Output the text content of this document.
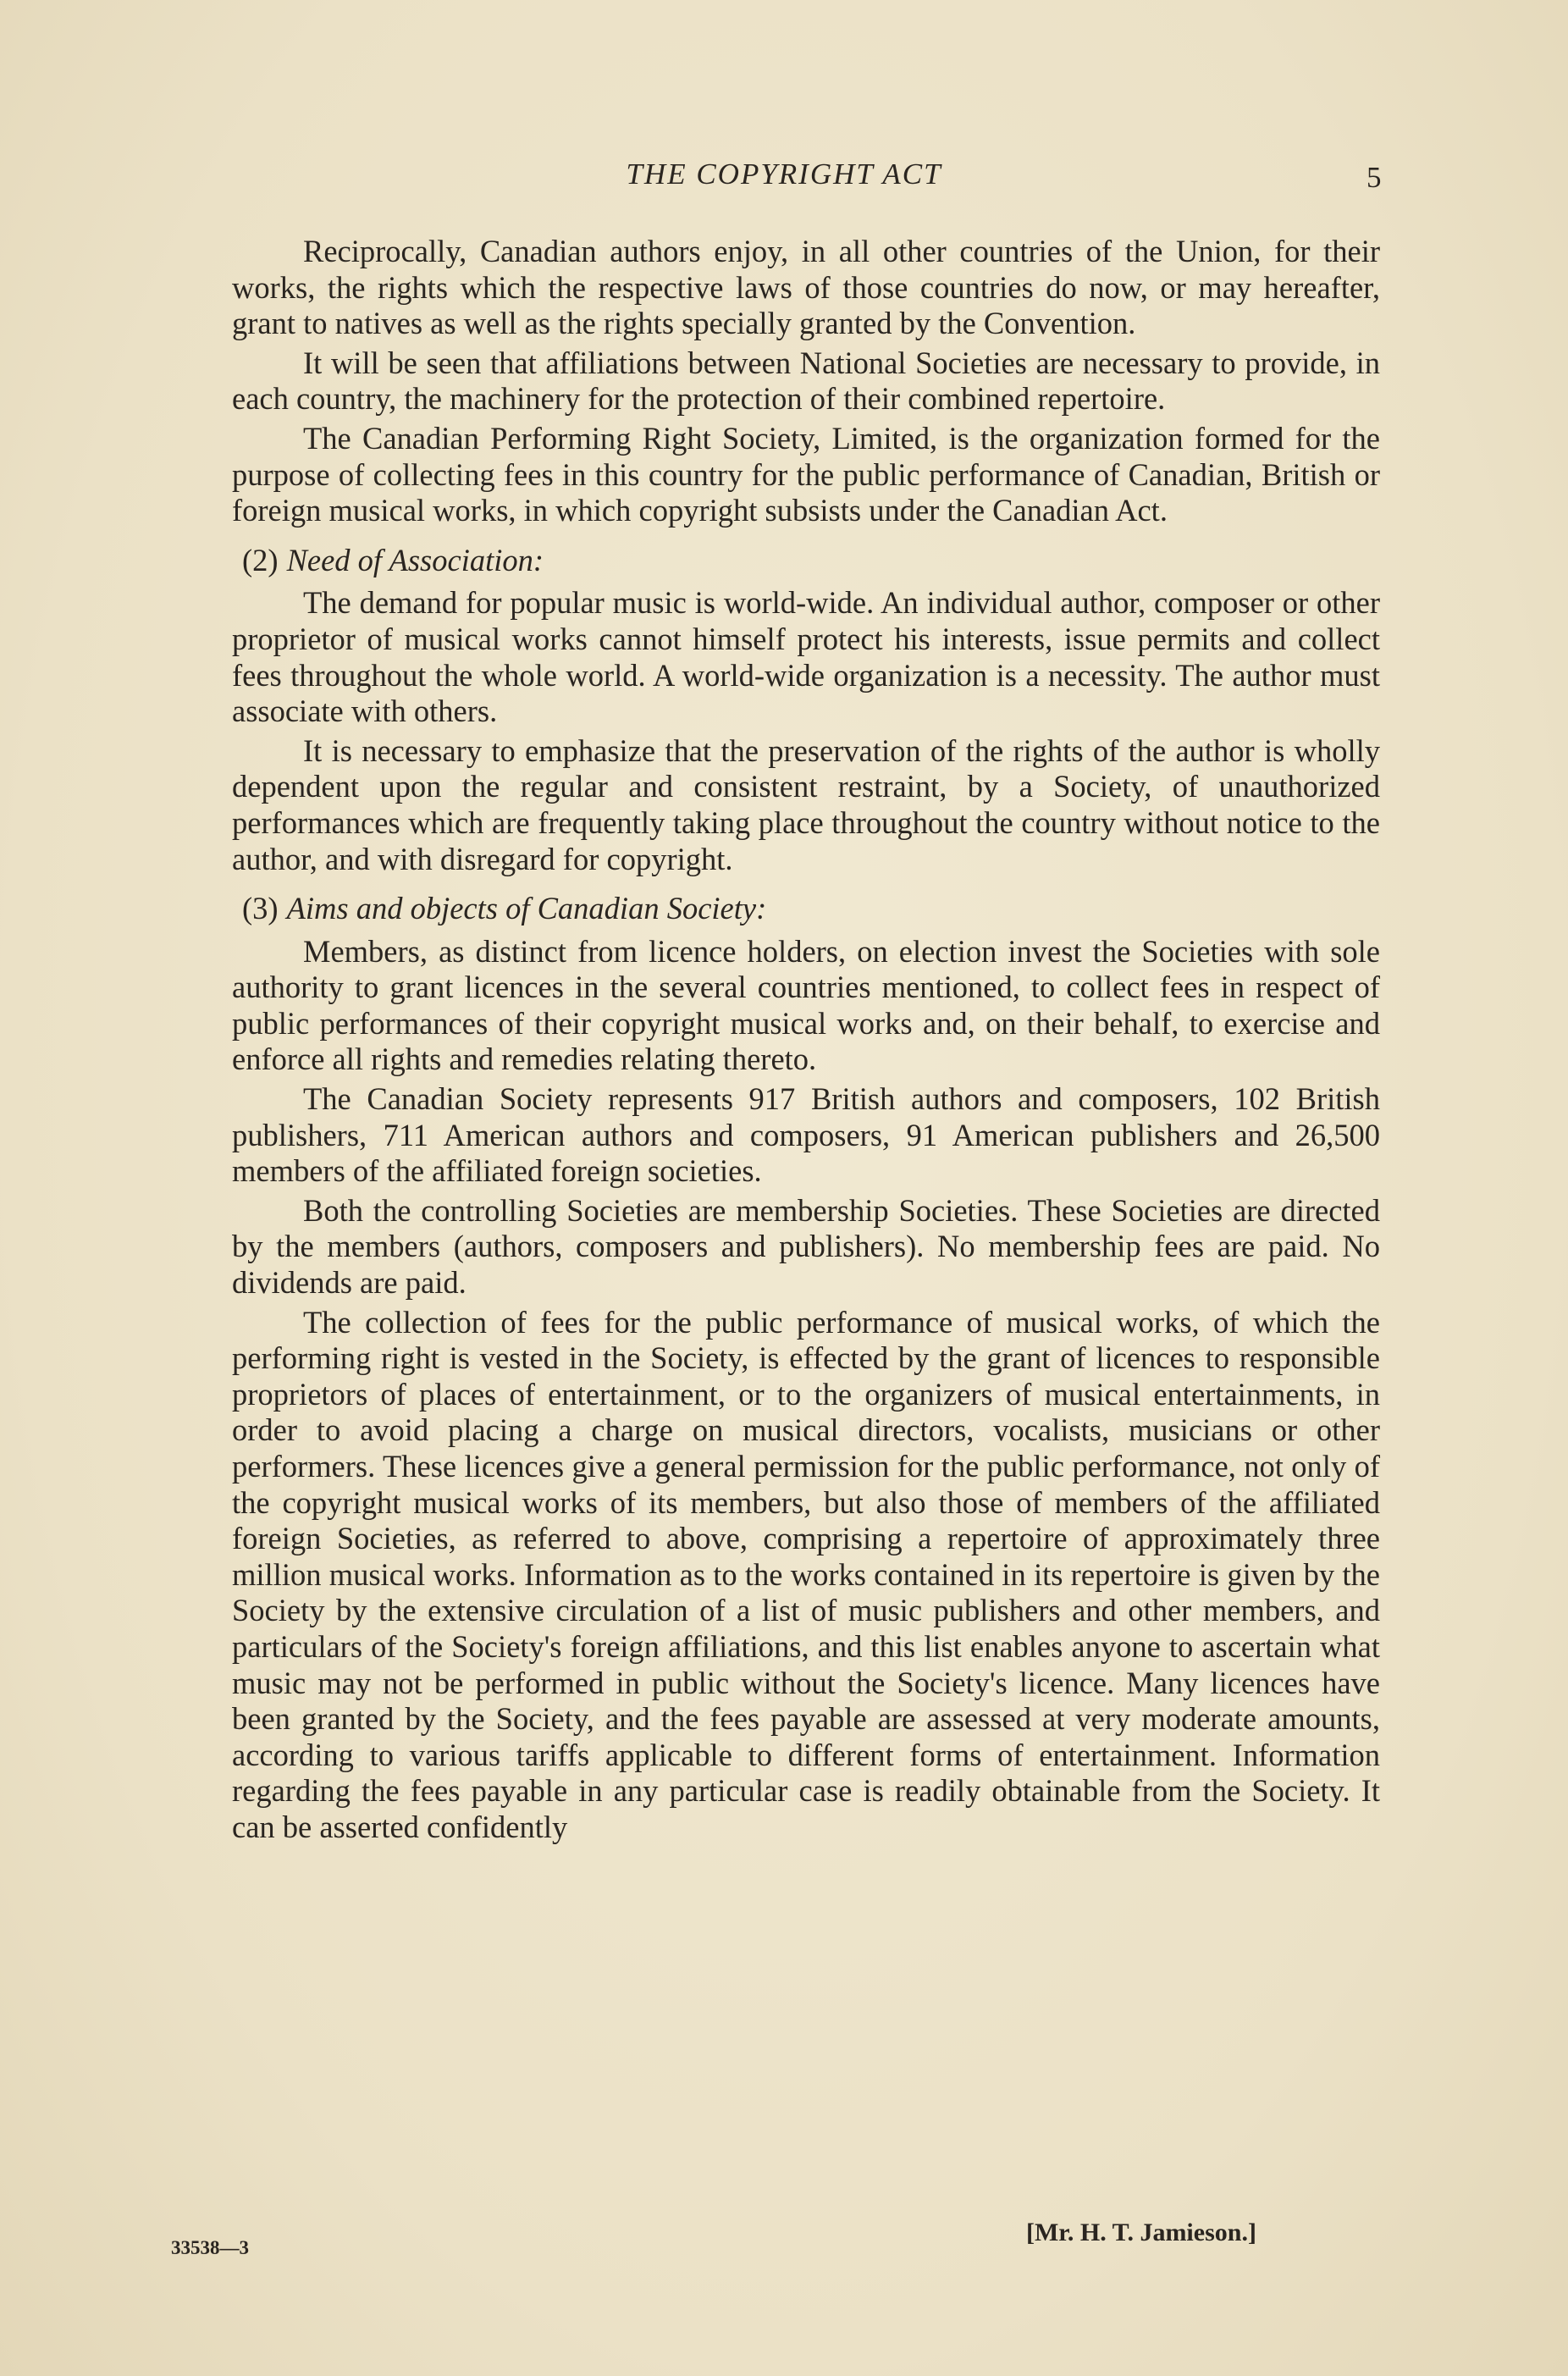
THE COPYRIGHT ACT	5

Reciprocally, Canadian authors enjoy, in all other countries of the Union, for their works, the rights which the respective laws of those countries do now, or may hereafter, grant to natives as well as the rights specially granted by the Convention.

It will be seen that affiliations between National Societies are necessary to provide, in each country, the machinery for the protection of their combined repertoire.

The Canadian Performing Right Society, Limited, is the organization formed for the purpose of collecting fees in this country for the public performance of Canadian, British or foreign musical works, in which copyright subsists under the Canadian Act.

(2) Need of Association:

The demand for popular music is world-wide. An individual author, composer or other proprietor of musical works cannot himself protect his interests, issue permits and collect fees throughout the whole world. A world-wide organization is a necessity. The author must associate with others.

It is necessary to emphasize that the preservation of the rights of the author is wholly dependent upon the regular and consistent restraint, by a Society, of unauthorized performances which are frequently taking place throughout the country without notice to the author, and with disregard for copyright.

(3) Aims and objects of Canadian Society:

Members, as distinct from licence holders, on election invest the Societies with sole authority to grant licences in the several countries mentioned, to collect fees in respect of public performances of their copyright musical works and, on their behalf, to exercise and enforce all rights and remedies relating thereto.

The Canadian Society represents 917 British authors and composers, 102 British publishers, 711 American authors and composers, 91 American publishers and 26,500 members of the affiliated foreign societies.

Both the controlling Societies are membership Societies. These Societies are directed by the members (authors, composers and publishers). No membership fees are paid. No dividends are paid.

The collection of fees for the public performance of musical works, of which the performing right is vested in the Society, is effected by the grant of licences to responsible proprietors of places of entertainment, or to the organizers of musical entertainments, in order to avoid placing a charge on musical directors, vocalists, musicians or other performers. These licences give a general permission for the public performance, not only of the copyright musical works of its members, but also those of members of the affiliated foreign Societies, as referred to above, comprising a repertoire of approximately three million musical works. Information as to the works contained in its repertoire is given by the Society by the extensive circulation of a list of music publishers and other members, and particulars of the Society's foreign affiliations, and this list enables anyone to ascertain what music may not be performed in public without the Society's licence. Many licences have been granted by the Society, and the fees payable are assessed at very moderate amounts, according to various tariffs applicable to different forms of entertainment. Information regarding the fees payable in any particular case is readily obtainable from the Society. It can be asserted confidently

[Mr. H. T. Jamieson.]
33538—3
